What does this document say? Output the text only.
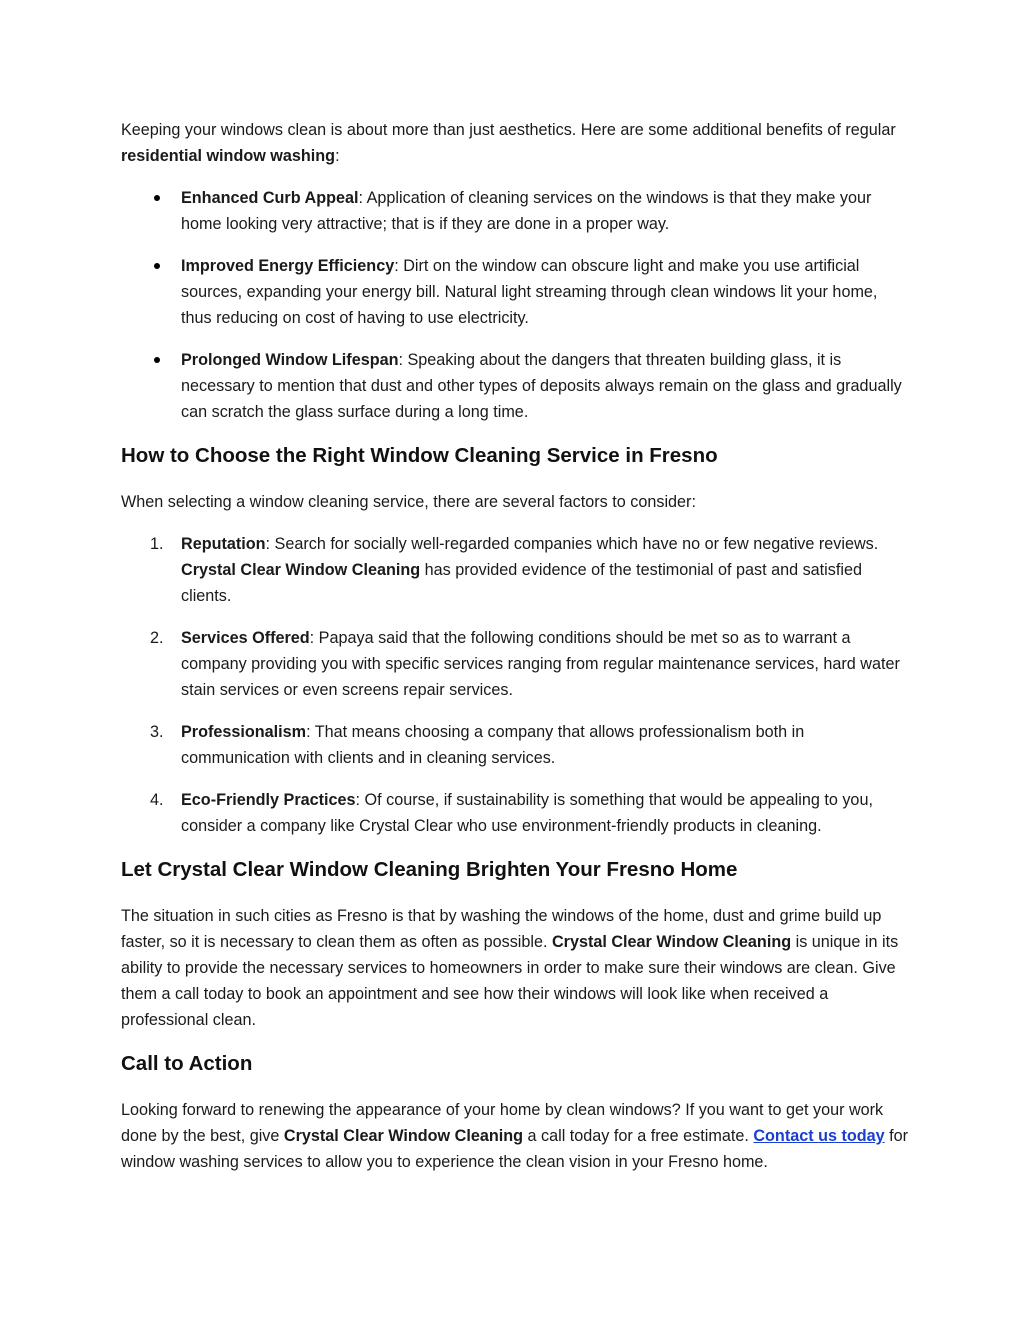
Keeping your windows clean is about more than just aesthetics. Here are some additional benefits of regular residential window washing:

Enhanced Curb Appeal: Application of cleaning services on the windows is that they make your home looking very attractive; that is if they are done in a proper way.
Improved Energy Efficiency: Dirt on the window can obscure light and make you use artificial sources, expanding your energy bill. Natural light streaming through clean windows lit your home, thus reducing on cost of having to use electricity.
Prolonged Window Lifespan: Speaking about the dangers that threaten building glass, it is necessary to mention that dust and other types of deposits always remain on the glass and gradually can scratch the glass surface during a long time.
How to Choose the Right Window Cleaning Service in Fresno

When selecting a window cleaning service, there are several factors to consider:

1. Reputation: Search for socially well-regarded companies which have no or few negative reviews. Crystal Clear Window Cleaning has provided evidence of the testimonial of past and satisfied clients.
2. Services Offered: Papaya said that the following conditions should be met so as to warrant a company providing you with specific services ranging from regular maintenance services, hard water stain services or even screens repair services.
3. Professionalism: That means choosing a company that allows professionalism both in communication with clients and in cleaning services.
4. Eco-Friendly Practices: Of course, if sustainability is something that would be appealing to you, consider a company like Crystal Clear who use environment-friendly products in cleaning.
Let Crystal Clear Window Cleaning Brighten Your Fresno Home

The situation in such cities as Fresno is that by washing the windows of the home, dust and grime build up faster, so it is necessary to clean them as often as possible. Crystal Clear Window Cleaning is unique in its ability to provide the necessary services to homeowners in order to make sure their windows are clean. Give them a call today to book an appointment and see how their windows will look like when received a professional clean.

Call to Action

Looking forward to renewing the appearance of your home by clean windows? If you want to get your work done by the best, give Crystal Clear Window Cleaning a call today for a free estimate. Contact us today for window washing services to allow you to experience the clean vision in your Fresno home.
